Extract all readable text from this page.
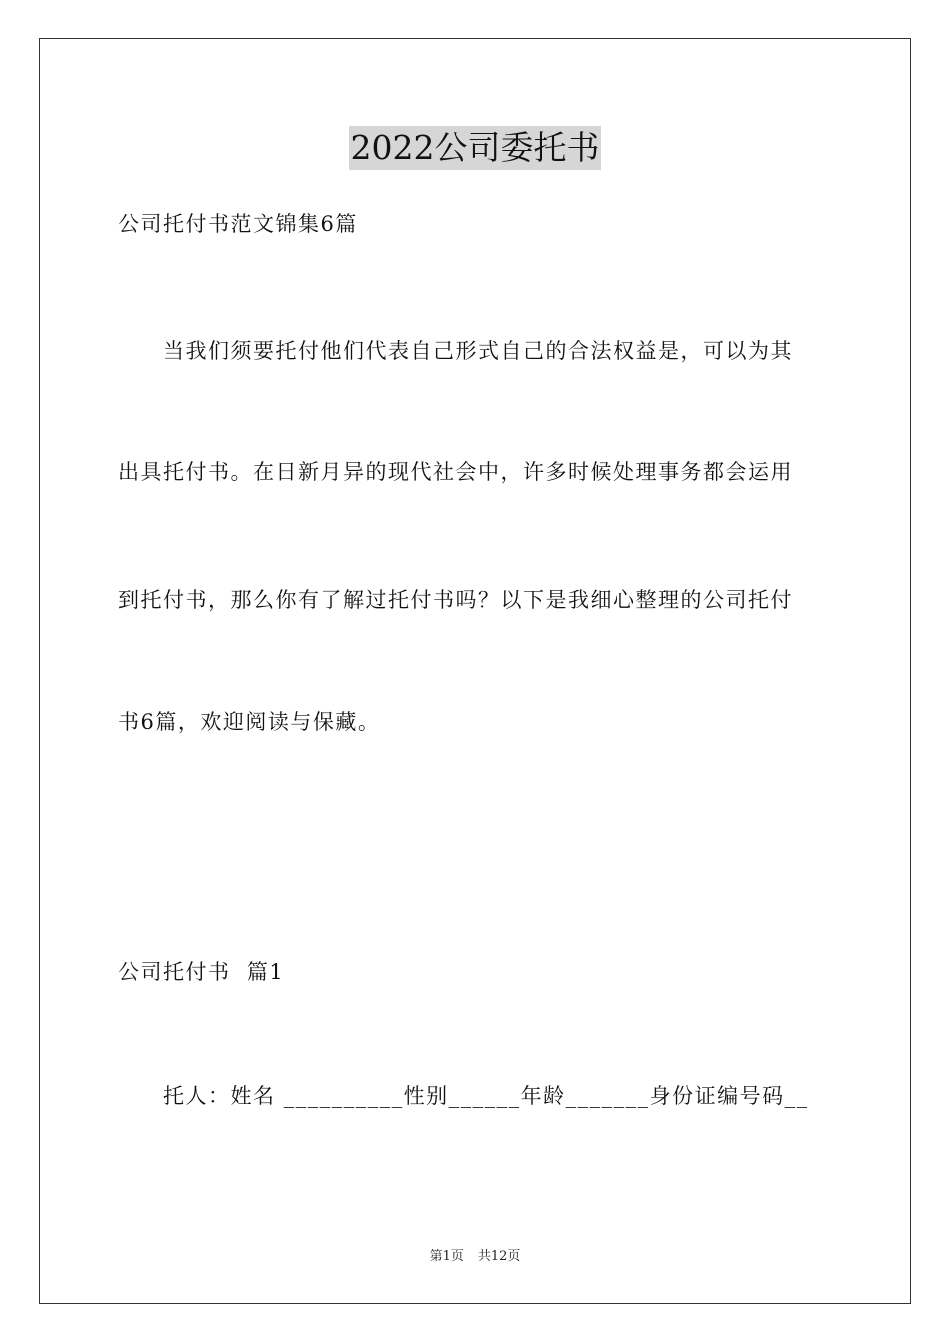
2022公司委托书
公司托付书范文锦集6篇
当我们须要托付他们代表自己形式自己的合法权益是，可以为其
出具托付书。在日新月异的现代社会中，许多时候处理事务都会运用
到托付书，那么你有了解过托付书吗？以下是我细心整理的公司托付
书6篇，欢迎阅读与保藏。
公司托付书  篇1
托人：姓名 __________性别______年龄_______身份证编号码__
第1页 共12页
